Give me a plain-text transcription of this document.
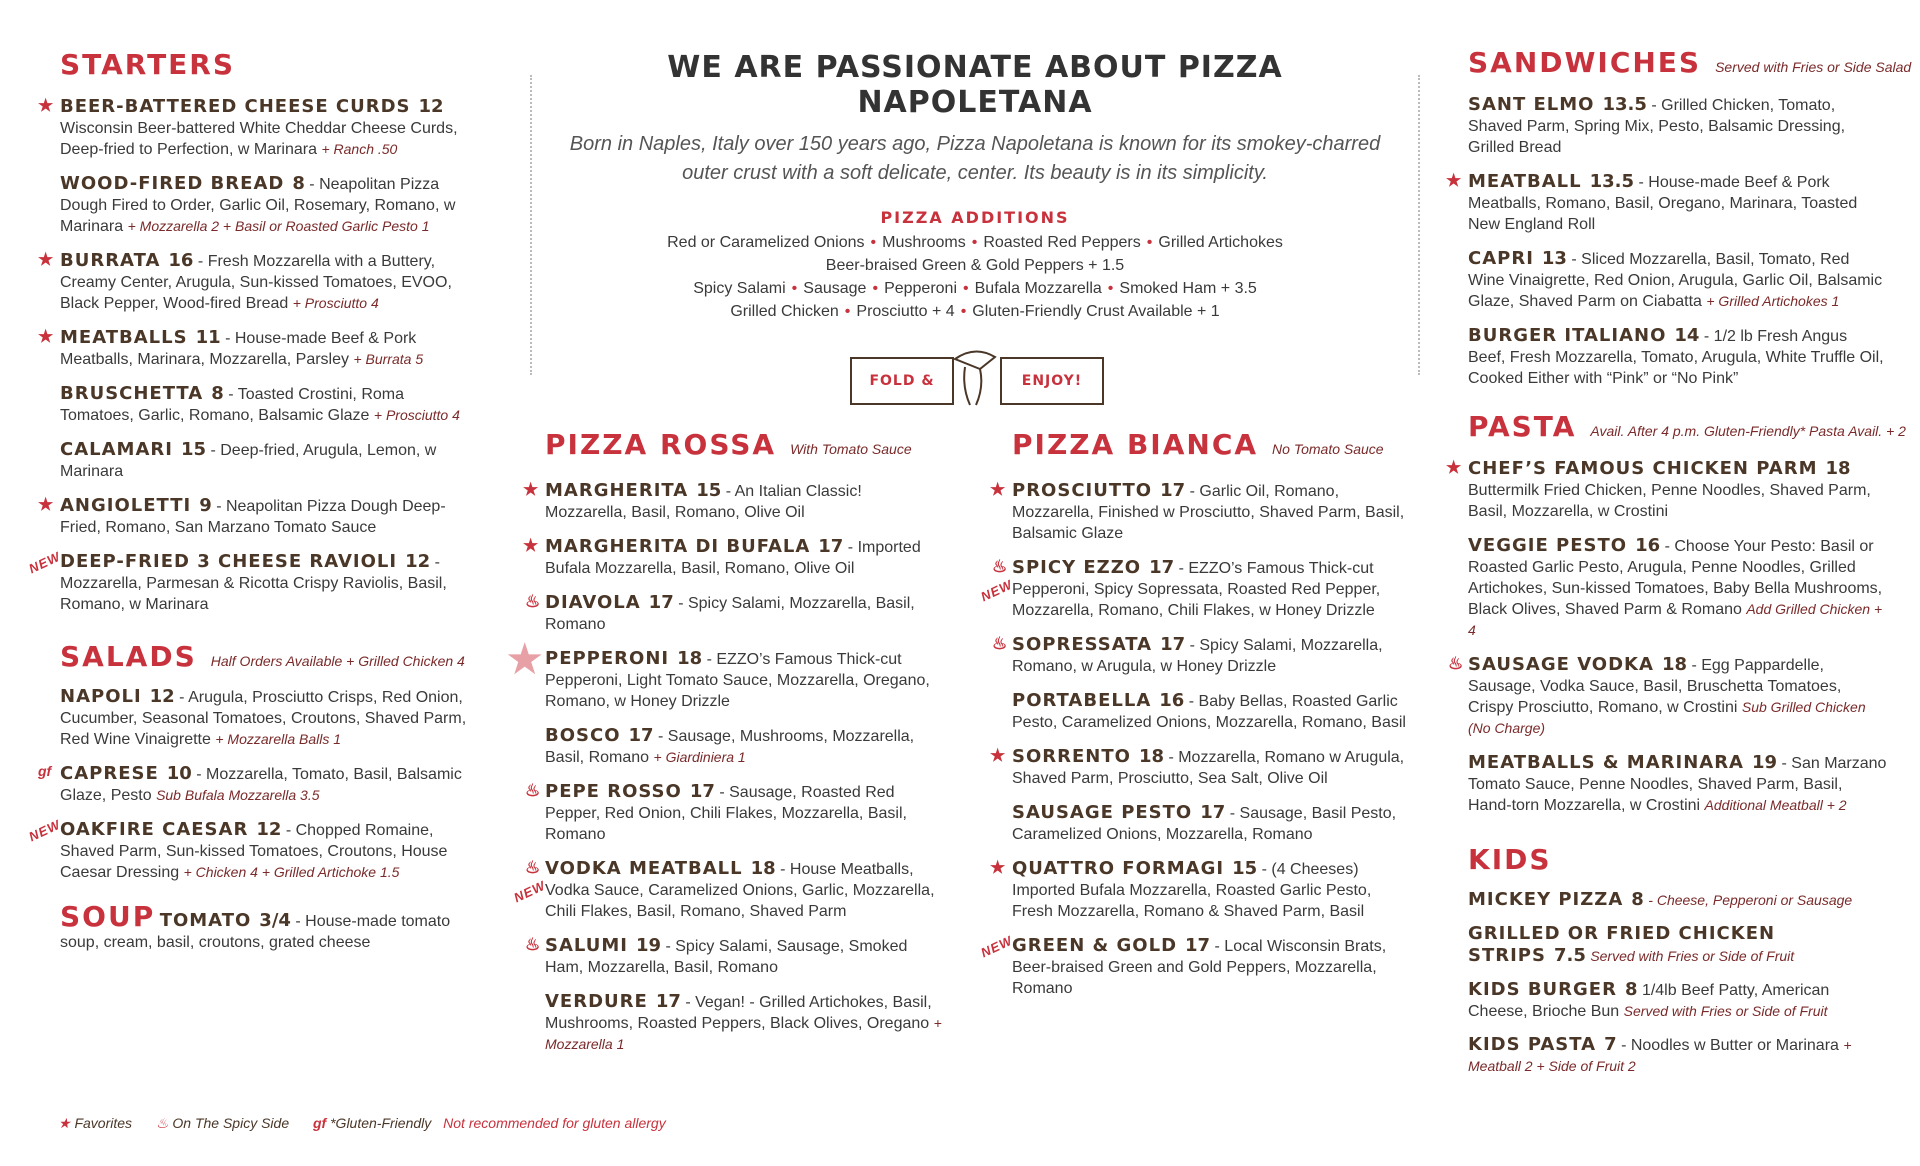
WE ARE PASSIONATE ABOUT PIZZA NAPOLETANA
Born in Naples, Italy over 150 years ago, Pizza Napoletana is known for its smokey-charred
outer crust with a soft delicate, center. Its beauty is in its simplicity.
PIZZA ADDITIONS
Red or Caramelized Onions • Mushrooms • Roasted Red Peppers • Grilled Artichokes
Beer-braised Green & Gold Peppers + 1.5
Spicy Salami • Sausage • Pepperoni • Bufala Mozzarella • Smoked Ham + 3.5
Grilled Chicken • Prosciutto + 4 • Gluten-Friendly Crust Available + 1
FOLD &	ENJOY!
★ Favorites ♨ On The Spicy Side gf *Gluten-Friendly Not recommended for gluten allergy
STARTERS
BEER-BATTERED CHEESE CURDS 12 Wisconsin Beer-battered White Cheddar Cheese Curds, Deep-fried to Perfection, w Marinara + Ranch .50
★
WOOD-FIRED BREAD 8 - Neapolitan Pizza Dough Fired to Order, Garlic Oil, Rosemary, Romano, w Marinara + Mozzarella 2 + Basil or Roasted Garlic Pesto 1
BURRATA 16 - Fresh Mozzarella with a Buttery, Creamy Center, Arugula, Sun-kissed Tomatoes, EVOO, Black Pepper, Wood-fired Bread + Prosciutto 4
★
MEATBALLS 11 - House-made Beef & Pork Meatballs, Marinara, Mozzarella, Parsley + Burrata 5
★
BRUSCHETTA 8 - Toasted Crostini, Roma Tomatoes, Garlic, Romano, Balsamic Glaze + Prosciutto 4
CALAMARI 15 - Deep-fried, Arugula, Lemon, w Marinara
ANGIOLETTI 9 - Neapolitan Pizza Dough Deep-Fried, Romano, San Marzano Tomato Sauce
★
DEEP-FRIED 3 CHEESE RAVIOLI 12 - Mozzarella, Parmesan & Ricotta Crispy Raviolis, Basil, Romano, w Marinara
NEW
SALADS Half Orders Available + Grilled Chicken 4
NAPOLI 12 - Arugula, Prosciutto Crisps, Red Onion, Cucumber, Seasonal Tomatoes, Croutons, Shaved Parm, Red Wine Vinaigrette + Mozzarella Balls 1
CAPRESE 10 - Mozzarella, Tomato, Basil, Balsamic Glaze, Pesto Sub Bufala Mozzarella 3.5
gf
OAKFIRE CAESAR 12 - Chopped Romaine, Shaved Parm, Sun-kissed Tomatoes, Croutons, House Caesar Dressing + Chicken 4 + Grilled Artichoke 1.5
NEW
SOUP TOMATO 3/4 - House-made tomato soup, cream, basil, croutons, grated cheese
PIZZA ROSSA With Tomato Sauce
MARGHERITA 15 - An Italian Classic! Mozzarella, Basil, Romano, Olive Oil
★
MARGHERITA DI BUFALA 17 - Imported Bufala Mozzarella, Basil, Romano, Olive Oil
★
DIAVOLA 17 - Spicy Salami, Mozzarella, Basil, Romano
♨
PEPPERONI 18 - EZZO’s Famous Thick-cut Pepperoni, Light Tomato Sauce, Mozzarella, Oregano, Romano, w Honey Drizzle
★
BOSCO 17 - Sausage, Mushrooms, Mozzarella, Basil, Romano + Giardiniera 1
PEPE ROSSO 17 - Sausage, Roasted Red Pepper, Red Onion, Chili Flakes, Mozzarella, Basil, Romano
♨
VODKA MEATBALL 18 - House Meatballs, Vodka Sauce, Caramelized Onions, Garlic, Mozzarella, Chili Flakes, Basil, Romano, Shaved Parm
♨
NEW
SALUMI 19 - Spicy Salami, Sausage, Smoked Ham, Mozzarella, Basil, Romano
♨
VERDURE 17 - Vegan! - Grilled Artichokes, Basil, Mushrooms, Roasted Peppers, Black Olives, Oregano + Mozzarella 1
PIZZA BIANCA No Tomato Sauce
PROSCIUTTO 17 - Garlic Oil, Romano, Mozzarella, Finished w Prosciutto, Shaved Parm, Basil, Balsamic Glaze
★
SPICY EZZO 17 - EZZO’s Famous Thick-cut Pepperoni, Spicy Sopressata, Roasted Red Pepper, Mozzarella, Romano, Chili Flakes, w Honey Drizzle
♨
NEW
SOPRESSATA 17 - Spicy Salami, Mozzarella, Romano, w Arugula, w Honey Drizzle
♨
PORTABELLA 16 - Baby Bellas, Roasted Garlic Pesto, Caramelized Onions, Mozzarella, Romano, Basil
SORRENTO 18 - Mozzarella, Romano w Arugula, Shaved Parm, Prosciutto, Sea Salt, Olive Oil
★
SAUSAGE PESTO 17 - Sausage, Basil Pesto, Caramelized Onions, Mozzarella, Romano
QUATTRO FORMAGI 15 - (4 Cheeses) Imported Bufala Mozzarella, Roasted Garlic Pesto, Fresh Mozzarella, Romano & Shaved Parm, Basil
★
GREEN & GOLD 17 - Local Wisconsin Brats, Beer-braised Green and Gold Peppers, Mozzarella, Romano
NEW
SANDWICHES Served with Fries or Side Salad
SANT ELMO 13.5 - Grilled Chicken, Tomato, Shaved Parm, Spring Mix, Pesto, Balsamic Dressing, Grilled Bread
MEATBALL 13.5 - House-made Beef & Pork Meatballs, Romano, Basil, Oregano, Marinara, Toasted New England Roll
★
CAPRI 13 - Sliced Mozzarella, Basil, Tomato, Red Wine Vinaigrette, Red Onion, Arugula, Garlic Oil, Balsamic Glaze, Shaved Parm on Ciabatta + Grilled Artichokes 1
BURGER ITALIANO 14 - 1/2 lb Fresh Angus Beef, Fresh Mozzarella, Tomato, Arugula, White Truffle Oil, Cooked Either with “Pink” or “No Pink”
PASTA Avail. After 4 p.m. Gluten-Friendly* Pasta Avail. + 2
CHEF’S FAMOUS CHICKEN PARM 18 Buttermilk Fried Chicken, Penne Noodles, Shaved Parm, Basil, Mozzarella, w Crostini
★
VEGGIE PESTO 16 - Choose Your Pesto: Basil or Roasted Garlic Pesto, Arugula, Penne Noodles, Grilled Artichokes, Sun-kissed Tomatoes, Baby Bella Mushrooms, Black Olives, Shaved Parm & Romano Add Grilled Chicken + 4
SAUSAGE VODKA 18 - Egg Pappardelle, Sausage, Vodka Sauce, Basil, Bruschetta Tomatoes, Crispy Prosciutto, Romano, w Crostini Sub Grilled Chicken (No Charge)
♨
MEATBALLS & MARINARA 19 - San Marzano Tomato Sauce, Penne Noodles, Shaved Parm, Basil, Hand-torn Mozzarella, w Crostini Additional Meatball + 2
KIDS
MICKEY PIZZA 8 - Cheese, Pepperoni or Sausage
GRILLED OR FRIED CHICKEN STRIPS 7.5 Served with Fries or Side of Fruit
KIDS BURGER 8 1/4lb Beef Patty, American Cheese, Brioche Bun Served with Fries or Side of Fruit
KIDS PASTA 7 - Noodles w Butter or Marinara + Meatball 2 + Side of Fruit 2
